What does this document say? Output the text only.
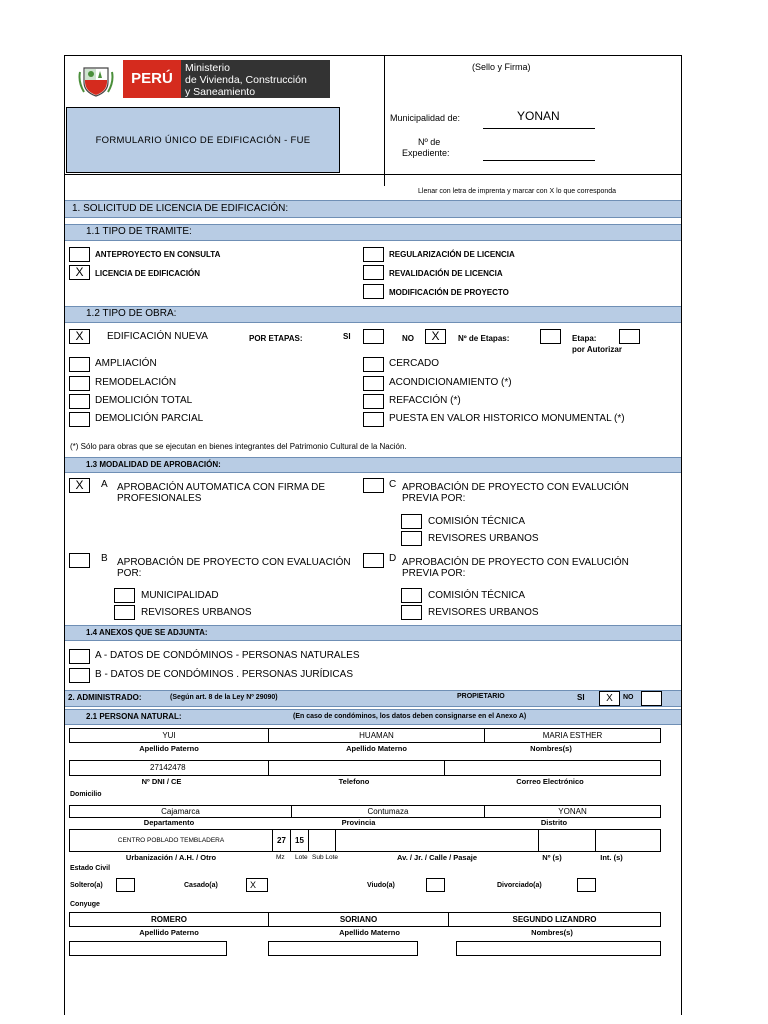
PERÚ
Ministerio
de Vivienda, Construcción
y Saneamiento
FORMULARIO ÚNICO DE EDIFICACIÓN - FUE
(Sello y Firma)
Municipalidad de:	YONAN
Nº de
Expediente:
Llenar con letra de imprenta y marcar con X lo que corresponda
1. SOLICITUD DE LICENCIA DE EDIFICACIÓN:
1.1 TIPO DE TRAMITE:
ANTEPROYECTO EN CONSULTA
X	LICENCIA DE EDIFICACIÓN
REGULARIZACIÓN DE LICENCIA
REVALIDACIÓN DE LICENCIA
MODIFICACIÓN DE PROYECTO
1.2 TIPO DE OBRA:
X	EDIFICACIÓN NUEVA	POR ETAPAS:	SI	NO	X	Nº de Etapas:	Etapa:
por Autorizar
AMPLIACIÓN
REMODELACIÓN
DEMOLICIÓN TOTAL
DEMOLICIÓN PARCIAL
CERCADO
ACONDICIONAMIENTO (*)
REFACCIÓN (*)
PUESTA EN VALOR HISTORICO MONUMENTAL (*)
(*) Sólo para obras que se ejecutan en bienes integrantes del Patrimonio Cultural de la Nación.
1.3 MODALIDAD DE APROBACIÓN:
X	A APROBACIÓN AUTOMATICA CON FIRMA DE
PROFESIONALES
C APROBACIÓN DE PROYECTO CON EVALUCIÓN
PREVIA POR:
COMISIÓN TÉCNICA
REVISORES URBANOS
B APROBACIÓN DE PROYECTO CON EVALUACIÓN
POR:
MUNICIPALIDAD
REVISORES URBANOS
D APROBACIÓN DE PROYECTO CON EVALUCIÓN
PREVIA POR:
COMISIÓN TÉCNICA
REVISORES URBANOS
1.4 ANEXOS QUE SE ADJUNTA:
A - DATOS DE CONDÓMINOS - PERSONAS NATURALES
B - DATOS DE CONDÓMINOS . PERSONAS JURÍDICAS
2. ADMINISTRADO:	(Según art. 8 de la Ley Nº 29090)	PROPIETARIO	SI	X	NO
2.1 PERSONA NATURAL:	(En caso de condóminos, los datos deben consignarse en el Anexo A)
YUI	HUAMAN	MARIA ESTHER
Apellido Paterno	Apellido Materno	Nombres(s)
27142478
Nº DNI / CE	Telefono	Correo Electrónico
Domicilio
Cajamarca	Contumaza	YONAN
Departamento	Provincia	Distrito
CENTRO POBLADO TEMBLADERA	27	15
Urbanización / A.H. / Otro	Mz Lote Sub Lote	Av. / Jr. / Calle / Pasaje	Nº (s)	Int. (s)
Estado Civil
Soltero(a)	Casado(a)	X	Viudo(a)	Divorciado(a)
Conyuge
ROMERO	SORIANO	SEGUNDO LIZANDRO
Apellido Paterno	Apellido Materno	Nombres(s)
